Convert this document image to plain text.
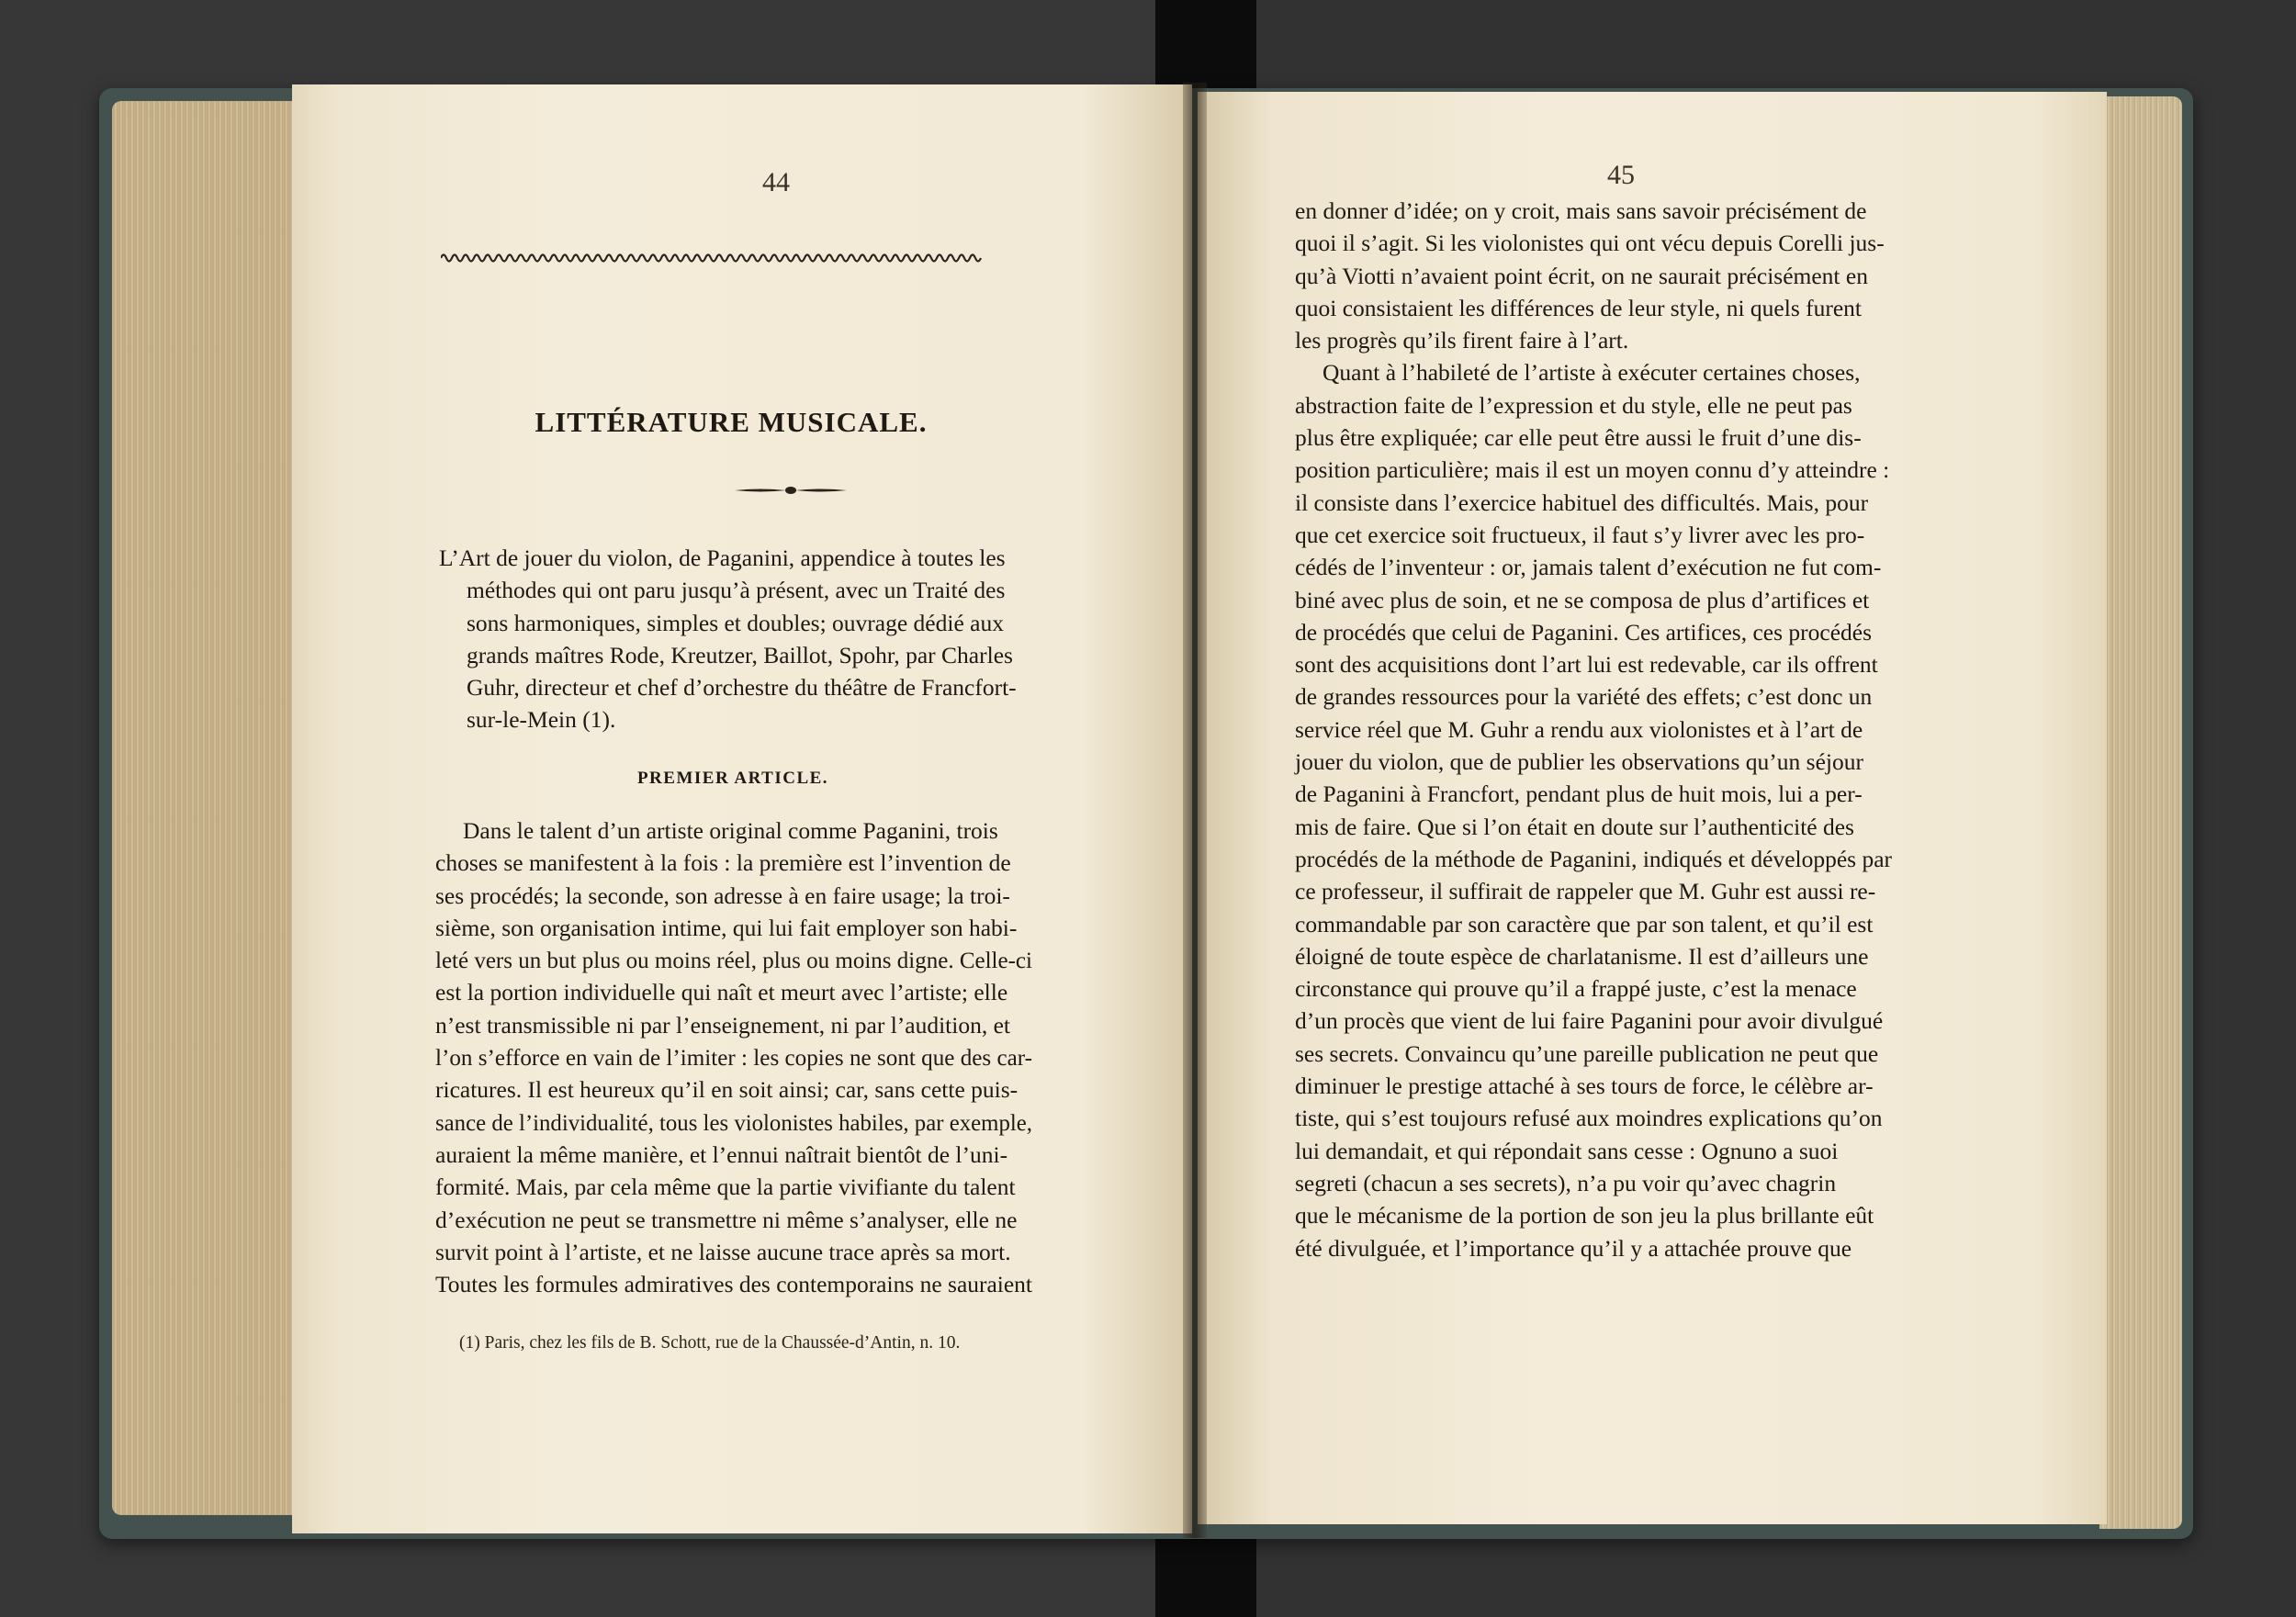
44
LITTÉRATURE MUSICALE.
L’Art de jouer du violon, de Paganini, appendice à toutes les
méthodes qui ont paru jusqu’à présent, avec un Traité des
sons harmoniques, simples et doubles; ouvrage dédié aux
grands maîtres Rode, Kreutzer, Baillot, Spohr, par Charles
Guhr, directeur et chef d’orchestre du théâtre de Francfort-
sur-le-Mein (1).
PREMIER ARTICLE.
Dans le talent d’un artiste original comme Paganini, trois
choses se manifestent à la fois : la première est l’invention de
ses procédés; la seconde, son adresse à en faire usage; la troi-
sième, son organisation intime, qui lui fait employer son habi-
leté vers un but plus ou moins réel, plus ou moins digne. Celle-ci
est la portion individuelle qui naît et meurt avec l’artiste; elle
n’est transmissible ni par l’enseignement, ni par l’audition, et
l’on s’efforce en vain de l’imiter : les copies ne sont que des car-
ricatures. Il est heureux qu’il en soit ainsi; car, sans cette puis-
sance de l’individualité, tous les violonistes habiles, par exemple,
auraient la même manière, et l’ennui naîtrait bientôt de l’uni-
formité. Mais, par cela même que la partie vivifiante du talent
d’exécution ne peut se transmettre ni même s’analyser, elle ne
survit point à l’artiste, et ne laisse aucune trace après sa mort.
Toutes les formules admiratives des contemporains ne sauraient
(1) Paris, chez les fils de B. Schott, rue de la Chaussée-d’Antin, n. 10.
45
en donner d’idée; on y croit, mais sans savoir précisément de
quoi il s’agit. Si les violonistes qui ont vécu depuis Corelli jus-
qu’à Viotti n’avaient point écrit, on ne saurait précisément en
quoi consistaient les différences de leur style, ni quels furent
les progrès qu’ils firent faire à l’art.
Quant à l’habileté de l’artiste à exécuter certaines choses,
abstraction faite de l’expression et du style, elle ne peut pas
plus être expliquée; car elle peut être aussi le fruit d’une dis-
position particulière; mais il est un moyen connu d’y atteindre :
il consiste dans l’exercice habituel des difficultés. Mais, pour
que cet exercice soit fructueux, il faut s’y livrer avec les pro-
cédés de l’inventeur : or, jamais talent d’exécution ne fut com-
biné avec plus de soin, et ne se composa de plus d’artifices et
de procédés que celui de Paganini. Ces artifices, ces procédés
sont des acquisitions dont l’art lui est redevable, car ils offrent
de grandes ressources pour la variété des effets; c’est donc un
service réel que M. Guhr a rendu aux violonistes et à l’art de
jouer du violon, que de publier les observations qu’un séjour
de Paganini à Francfort, pendant plus de huit mois, lui a per-
mis de faire. Que si l’on était en doute sur l’authenticité des
procédés de la méthode de Paganini, indiqués et développés par
ce professeur, il suffirait de rappeler que M. Guhr est aussi re-
commandable par son caractère que par son talent, et qu’il est
éloigné de toute espèce de charlatanisme. Il est d’ailleurs une
circonstance qui prouve qu’il a frappé juste, c’est la menace
d’un procès que vient de lui faire Paganini pour avoir divulgué
ses secrets. Convaincu qu’une pareille publication ne peut que
diminuer le prestige attaché à ses tours de force, le célèbre ar-
tiste, qui s’est toujours refusé aux moindres explications qu’on
lui demandait, et qui répondait sans cesse : Ognuno a suoi
segreti (chacun a ses secrets), n’a pu voir qu’avec chagrin
que le mécanisme de la portion de son jeu la plus brillante eût
été divulguée, et l’importance qu’il y a attachée prouve que
